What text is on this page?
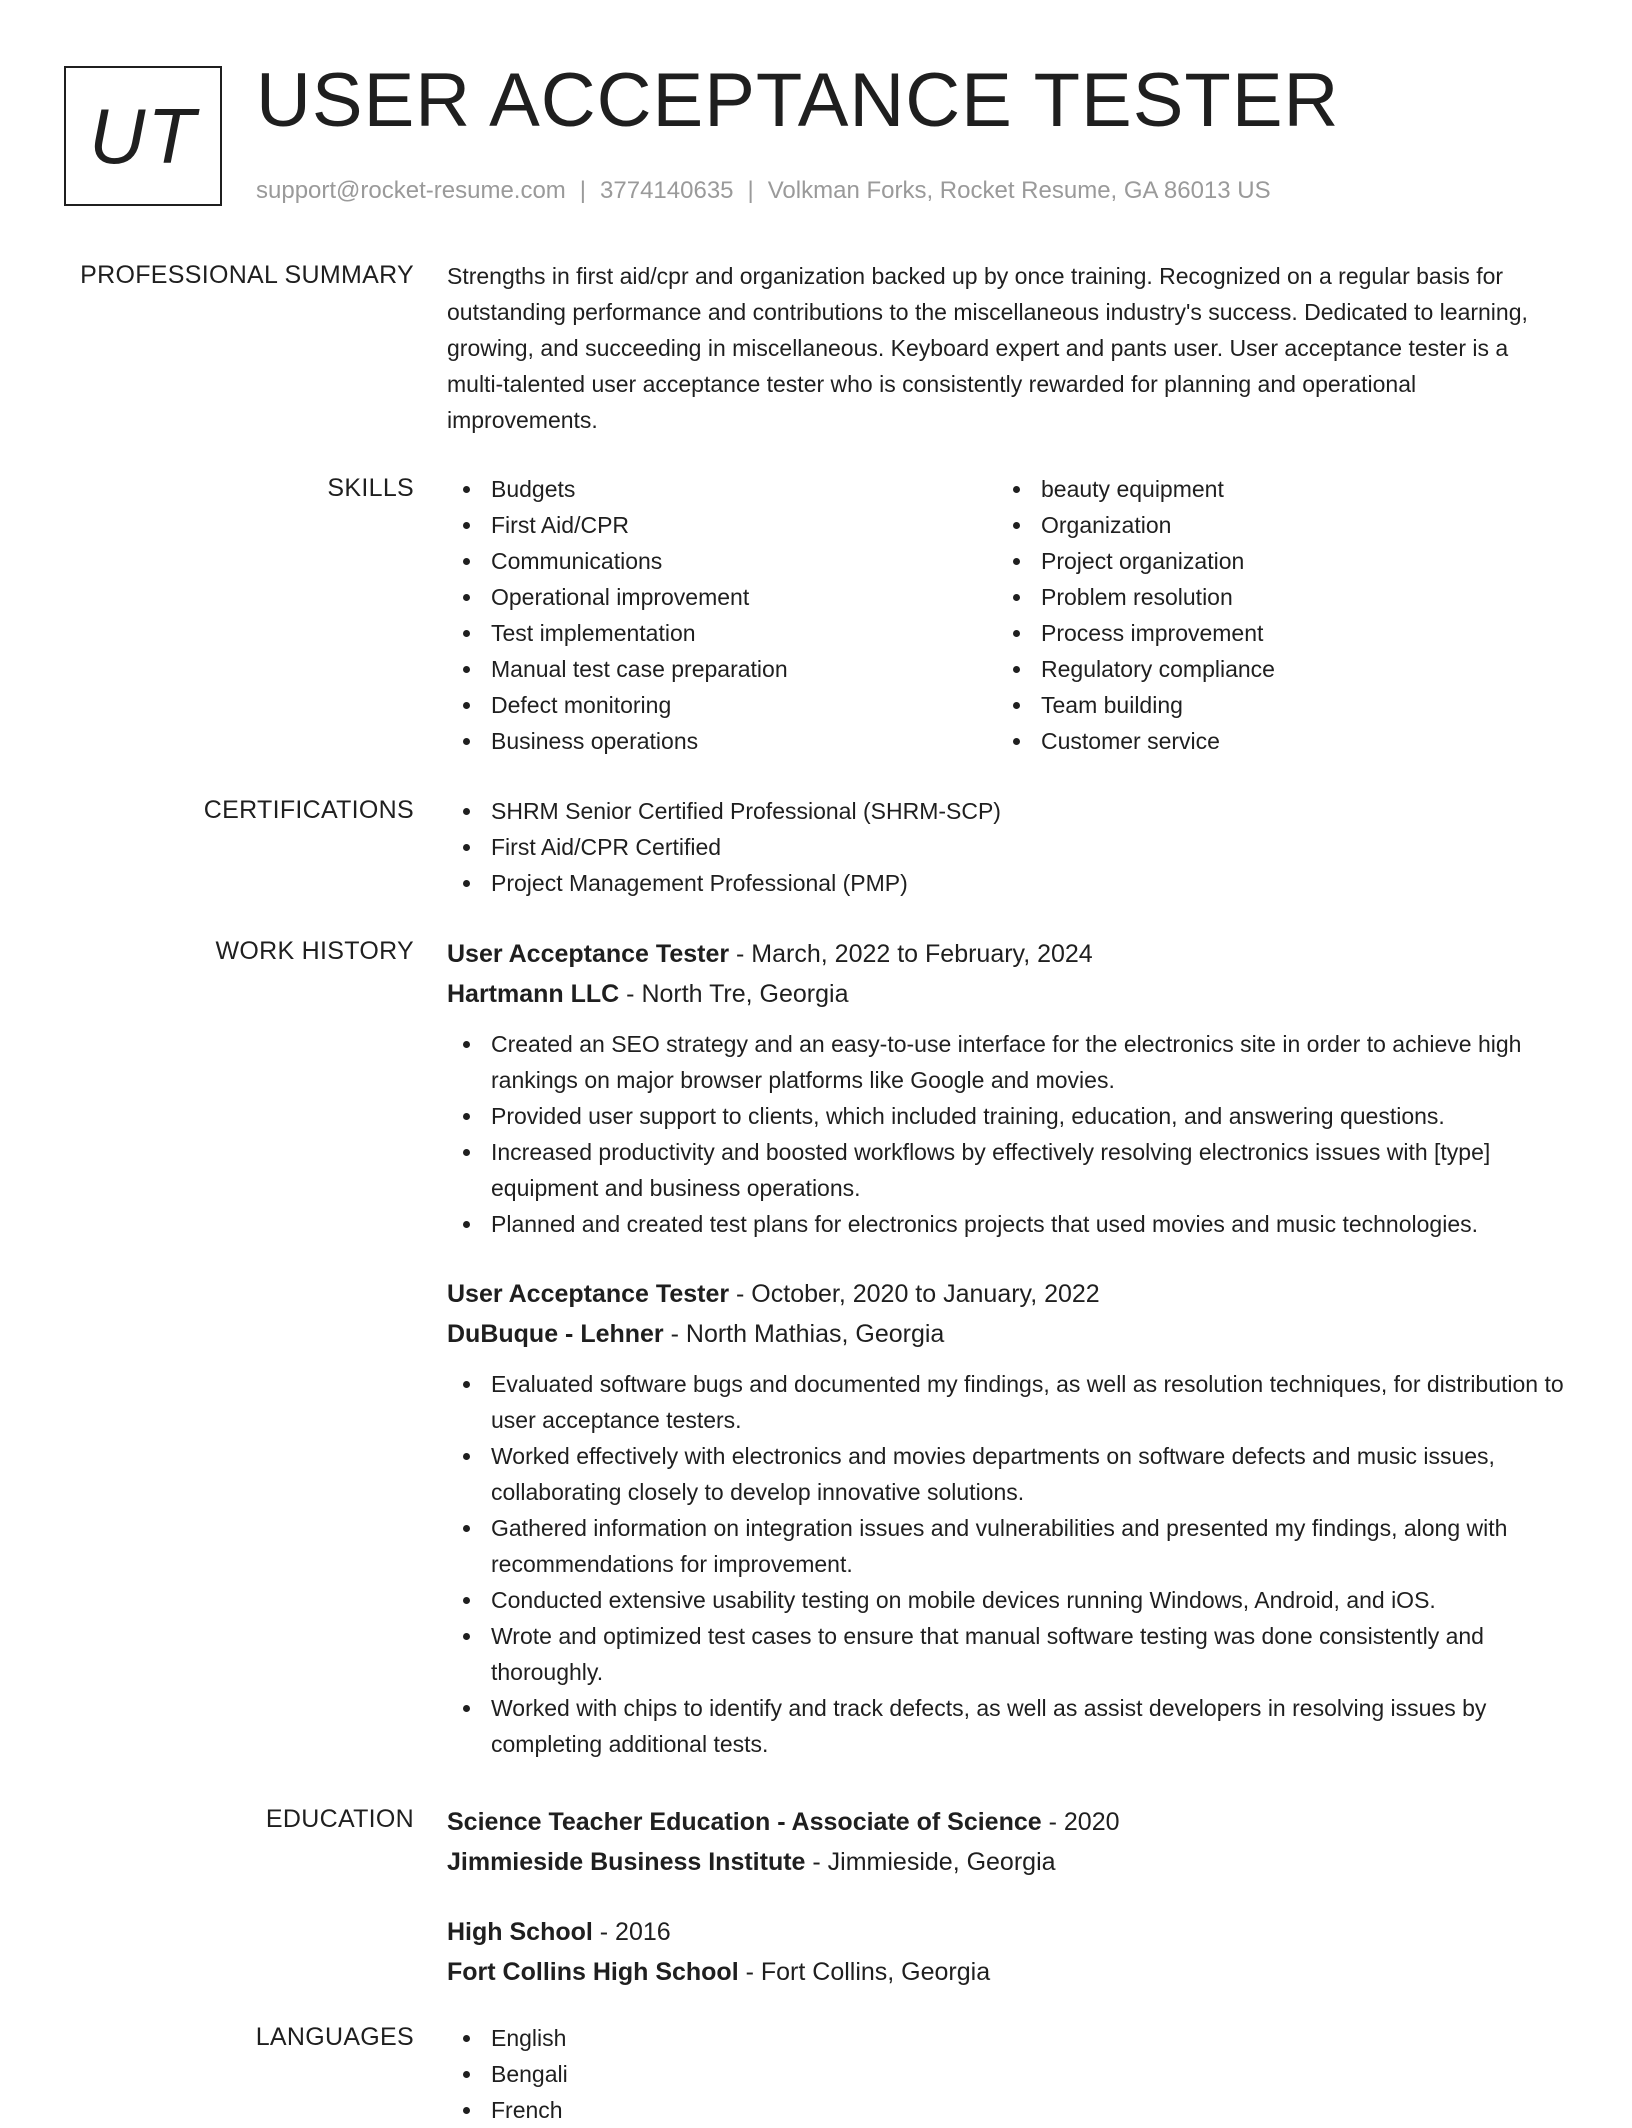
UT USER ACCEPTANCE TESTER
support@rocket-resume.com | 3774140635 | Volkman Forks, Rocket Resume, GA 86013 US
PROFESSIONAL SUMMARY Strengths in first aid/cpr and organization backed up by once training. Recognized on a regular basis for outstanding performance and contributions to the miscellaneous industry's success. Dedicated to learning, growing, and succeeding in miscellaneous. Keyboard expert and pants user. User acceptance tester is a multi-talented user acceptance tester who is consistently rewarded for planning and operational improvements.

SKILLS	Budgets
First Aid/CPR
Communications
Operational improvement
Test implementation
Manual test case preparation
Defect monitoring
Business operations
beauty equipment
Organization
Project organization
Problem resolution
Process improvement
Regulatory compliance
Team building
Customer service
CERTIFICATIONS	SHRM Senior Certified Professional (SHRM-SCP)
First Aid/CPR Certified
Project Management Professional (PMP)
WORK HISTORY User Acceptance Tester - March, 2022 to February, 2024
Hartmann LLC - North Tre, Georgia
Created an SEO strategy and an easy-to-use interface for the electronics site in order to achieve high rankings on major browser platforms like Google and movies.
Provided user support to clients, which included training, education, and answering questions.
Increased productivity and boosted workflows by effectively resolving electronics issues with [type] equipment and business operations.
Planned and created test plans for electronics projects that used movies and music technologies.
User Acceptance Tester - October, 2020 to January, 2022
DuBuque - Lehner - North Mathias, Georgia
Evaluated software bugs and documented my findings, as well as resolution techniques, for distribution to user acceptance testers.
Worked effectively with electronics and movies departments on software defects and music issues, collaborating closely to develop innovative solutions.
Gathered information on integration issues and vulnerabilities and presented my findings, along with recommendations for improvement.
Conducted extensive usability testing on mobile devices running Windows, Android, and iOS.
Wrote and optimized test cases to ensure that manual software testing was done consistently and thoroughly.
Worked with chips to identify and track defects, as well as assist developers in resolving issues by completing additional tests.
EDUCATION Science Teacher Education - Associate of Science - 2020
Jimmieside Business Institute - Jimmieside, Georgia
High School - 2016
Fort Collins High School - Fort Collins, Georgia
LANGUAGES	English
Bengali
French
